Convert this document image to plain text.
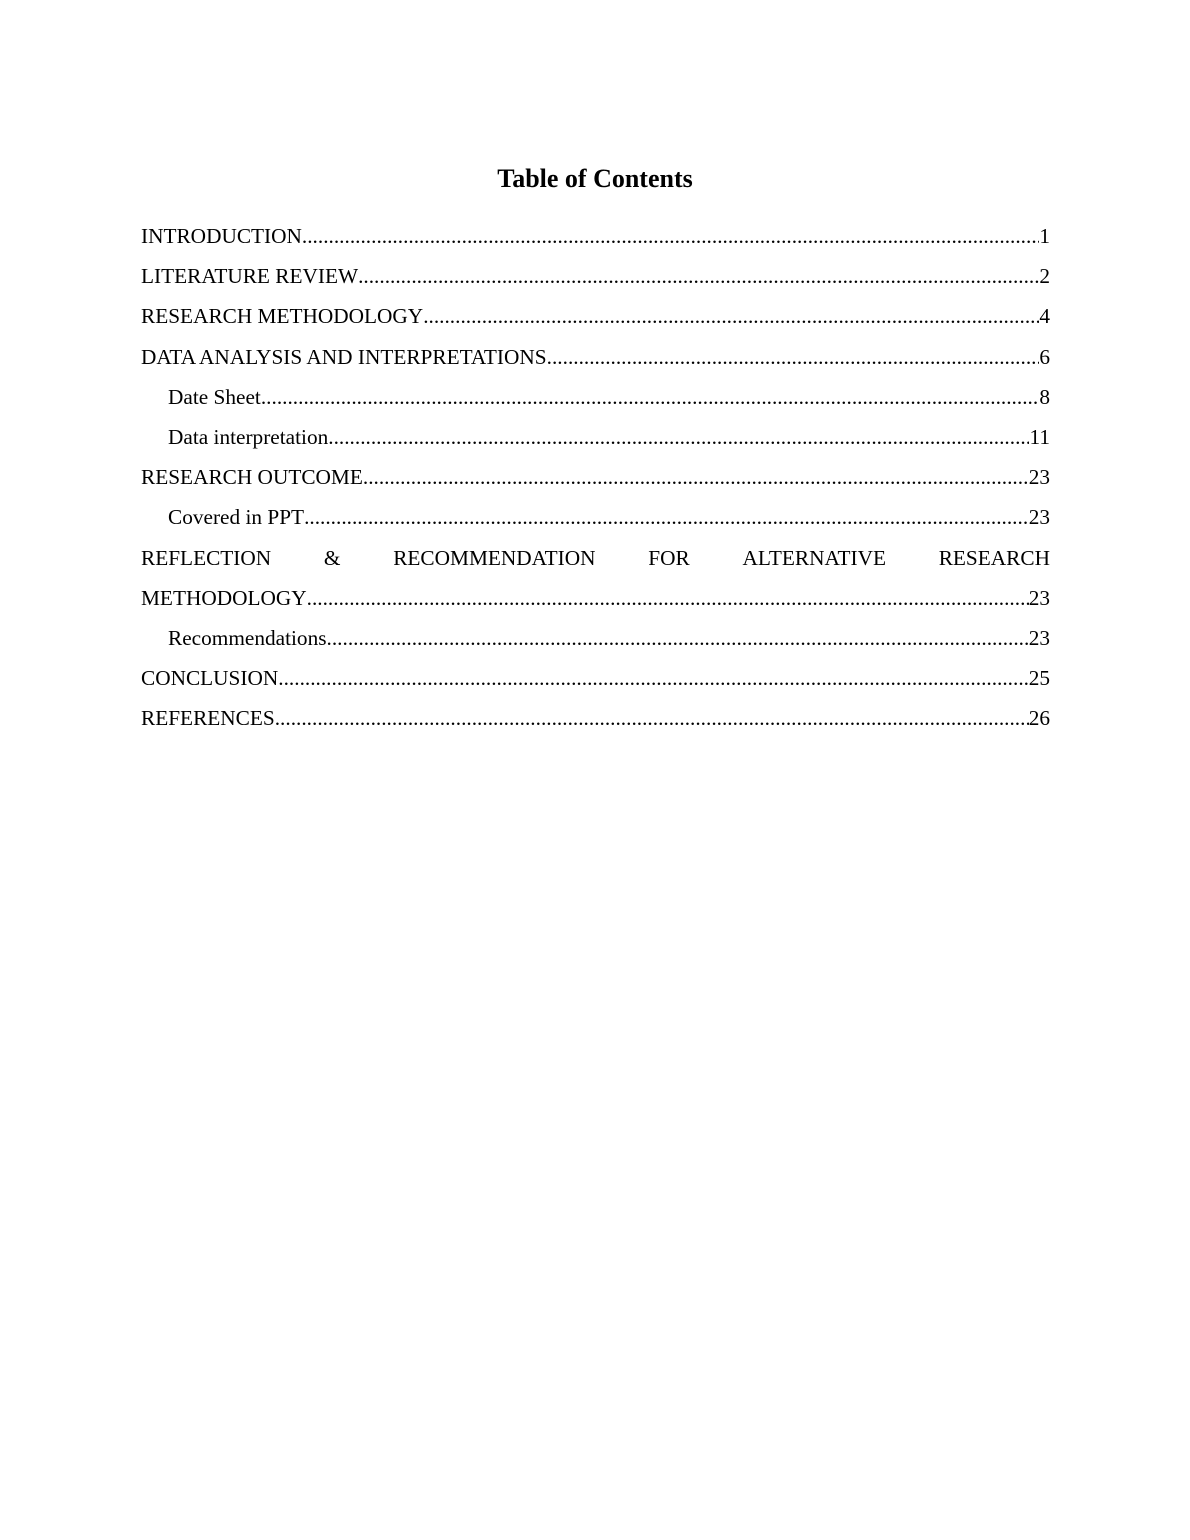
Table of Contents
INTRODUCTION .....	1
LITERATURE REVIEW .....	2
RESEARCH METHODOLOGY .....	4
DATA ANALYSIS AND INTERPRETATIONS .....	6
Date Sheet .....	8
Data interpretation .....	11
RESEARCH OUTCOME .....	23
Covered in PPT .....	23
REFLECTION & RECOMMENDATION FOR ALTERNATIVE RESEARCH
METHODOLOGY .....	23
Recommendations .....	23
CONCLUSION .....	25
REFERENCES .....	26
